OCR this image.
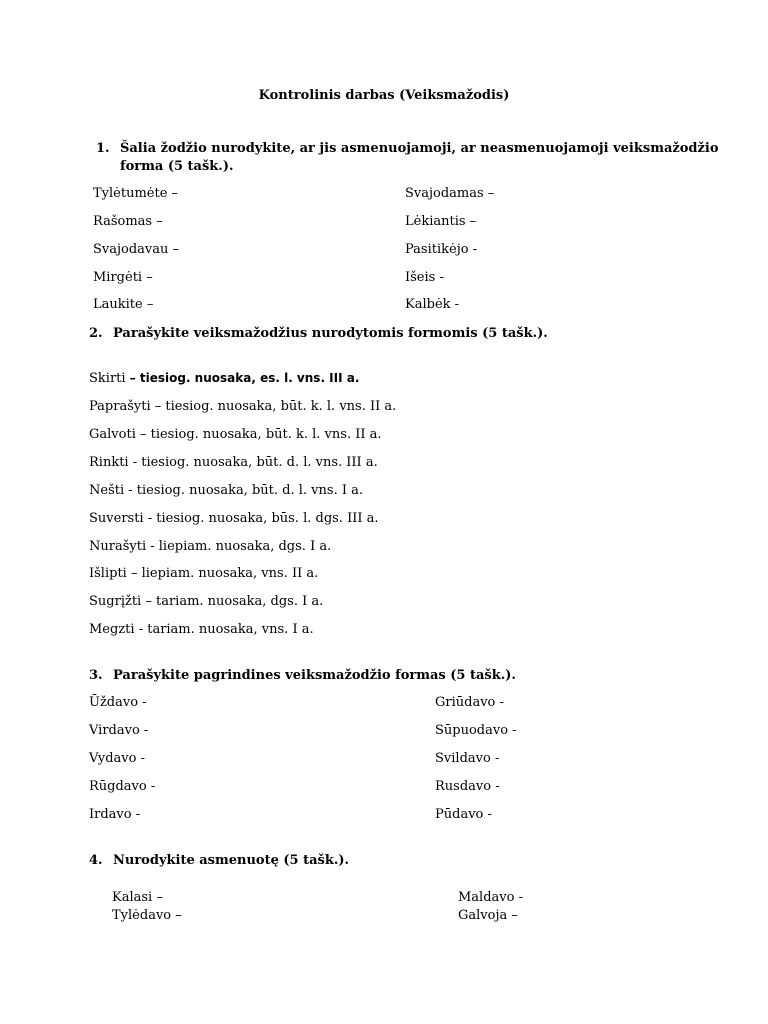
Kontrolinis darbas (Veiksmažodis)
1. Šalia žodžio nurodykite, ar jis asmenuojamoji, ar neasmenuojamoji veiksmažodžio
forma (5 tašk.).
Tylėtumėte –
Rašomas –
Svajodavau –
Mirgėti –
Laukite –
Svajodamas –
Lėkiantis –
Pasitikėjo -
Išeis -
Kalbėk -
2. Parašykite veiksmažodžius nurodytomis formomis (5 tašk.).
Skirti – tiesiog. nuosaka, es. l. vns. III a.
Paprašyti – tiesiog. nuosaka, būt. k. l. vns. II a.
Galvoti – tiesiog. nuosaka, būt. k. l. vns. II a.
Rinkti - tiesiog. nuosaka, būt. d. l. vns. III a.
Nešti - tiesiog. nuosaka, būt. d. l. vns. I a.
Suversti - tiesiog. nuosaka, būs. l. dgs. III a.
Nurašyti - liepiam. nuosaka, dgs. I a.
Išlipti – liepiam. nuosaka, vns. II a.
Sugrįžti – tariam. nuosaka, dgs. I a.
Megzti - tariam. nuosaka, vns. I a.
3. Parašykite pagrindines veiksmažodžio formas (5 tašk.).
Ūždavo -
Virdavo -
Vydavo -
Rūgdavo -
Irdavo -
Griūdavo -
Sūpuodavo -
Svildavo -
Rusdavo -
Pūdavo -
4. Nurodykite asmenuotę (5 tašk.).
Kalasi –
Tylėdavo –
Maldavo -
Galvoja –
